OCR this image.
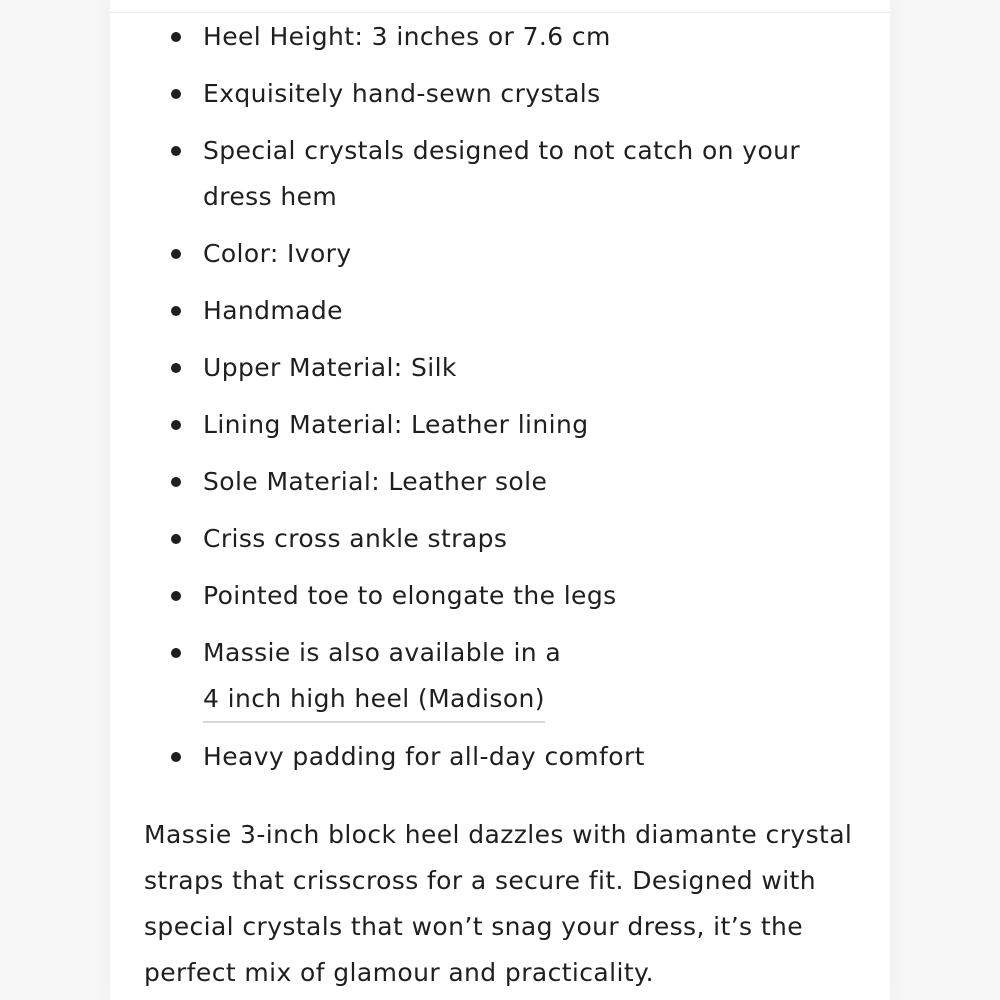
Heel Height: 3 inches or 7.6 cm
Exquisitely hand-sewn crystals
Special crystals designed to not catch on your dress hem
Color: Ivory
Handmade
Upper Material: Silk
Lining Material: Leather lining
Sole Material: Leather sole
Criss cross ankle straps
Pointed toe to elongate the legs
Massie is also available in a
4 inch high heel (Madison)
Heavy padding for all-day comfort

Massie 3-inch block heel dazzles with diamante crystal straps that crisscross for a secure fit. Designed with special crystals that won’t snag your dress, it’s the perfect mix of glamour and practicality.
